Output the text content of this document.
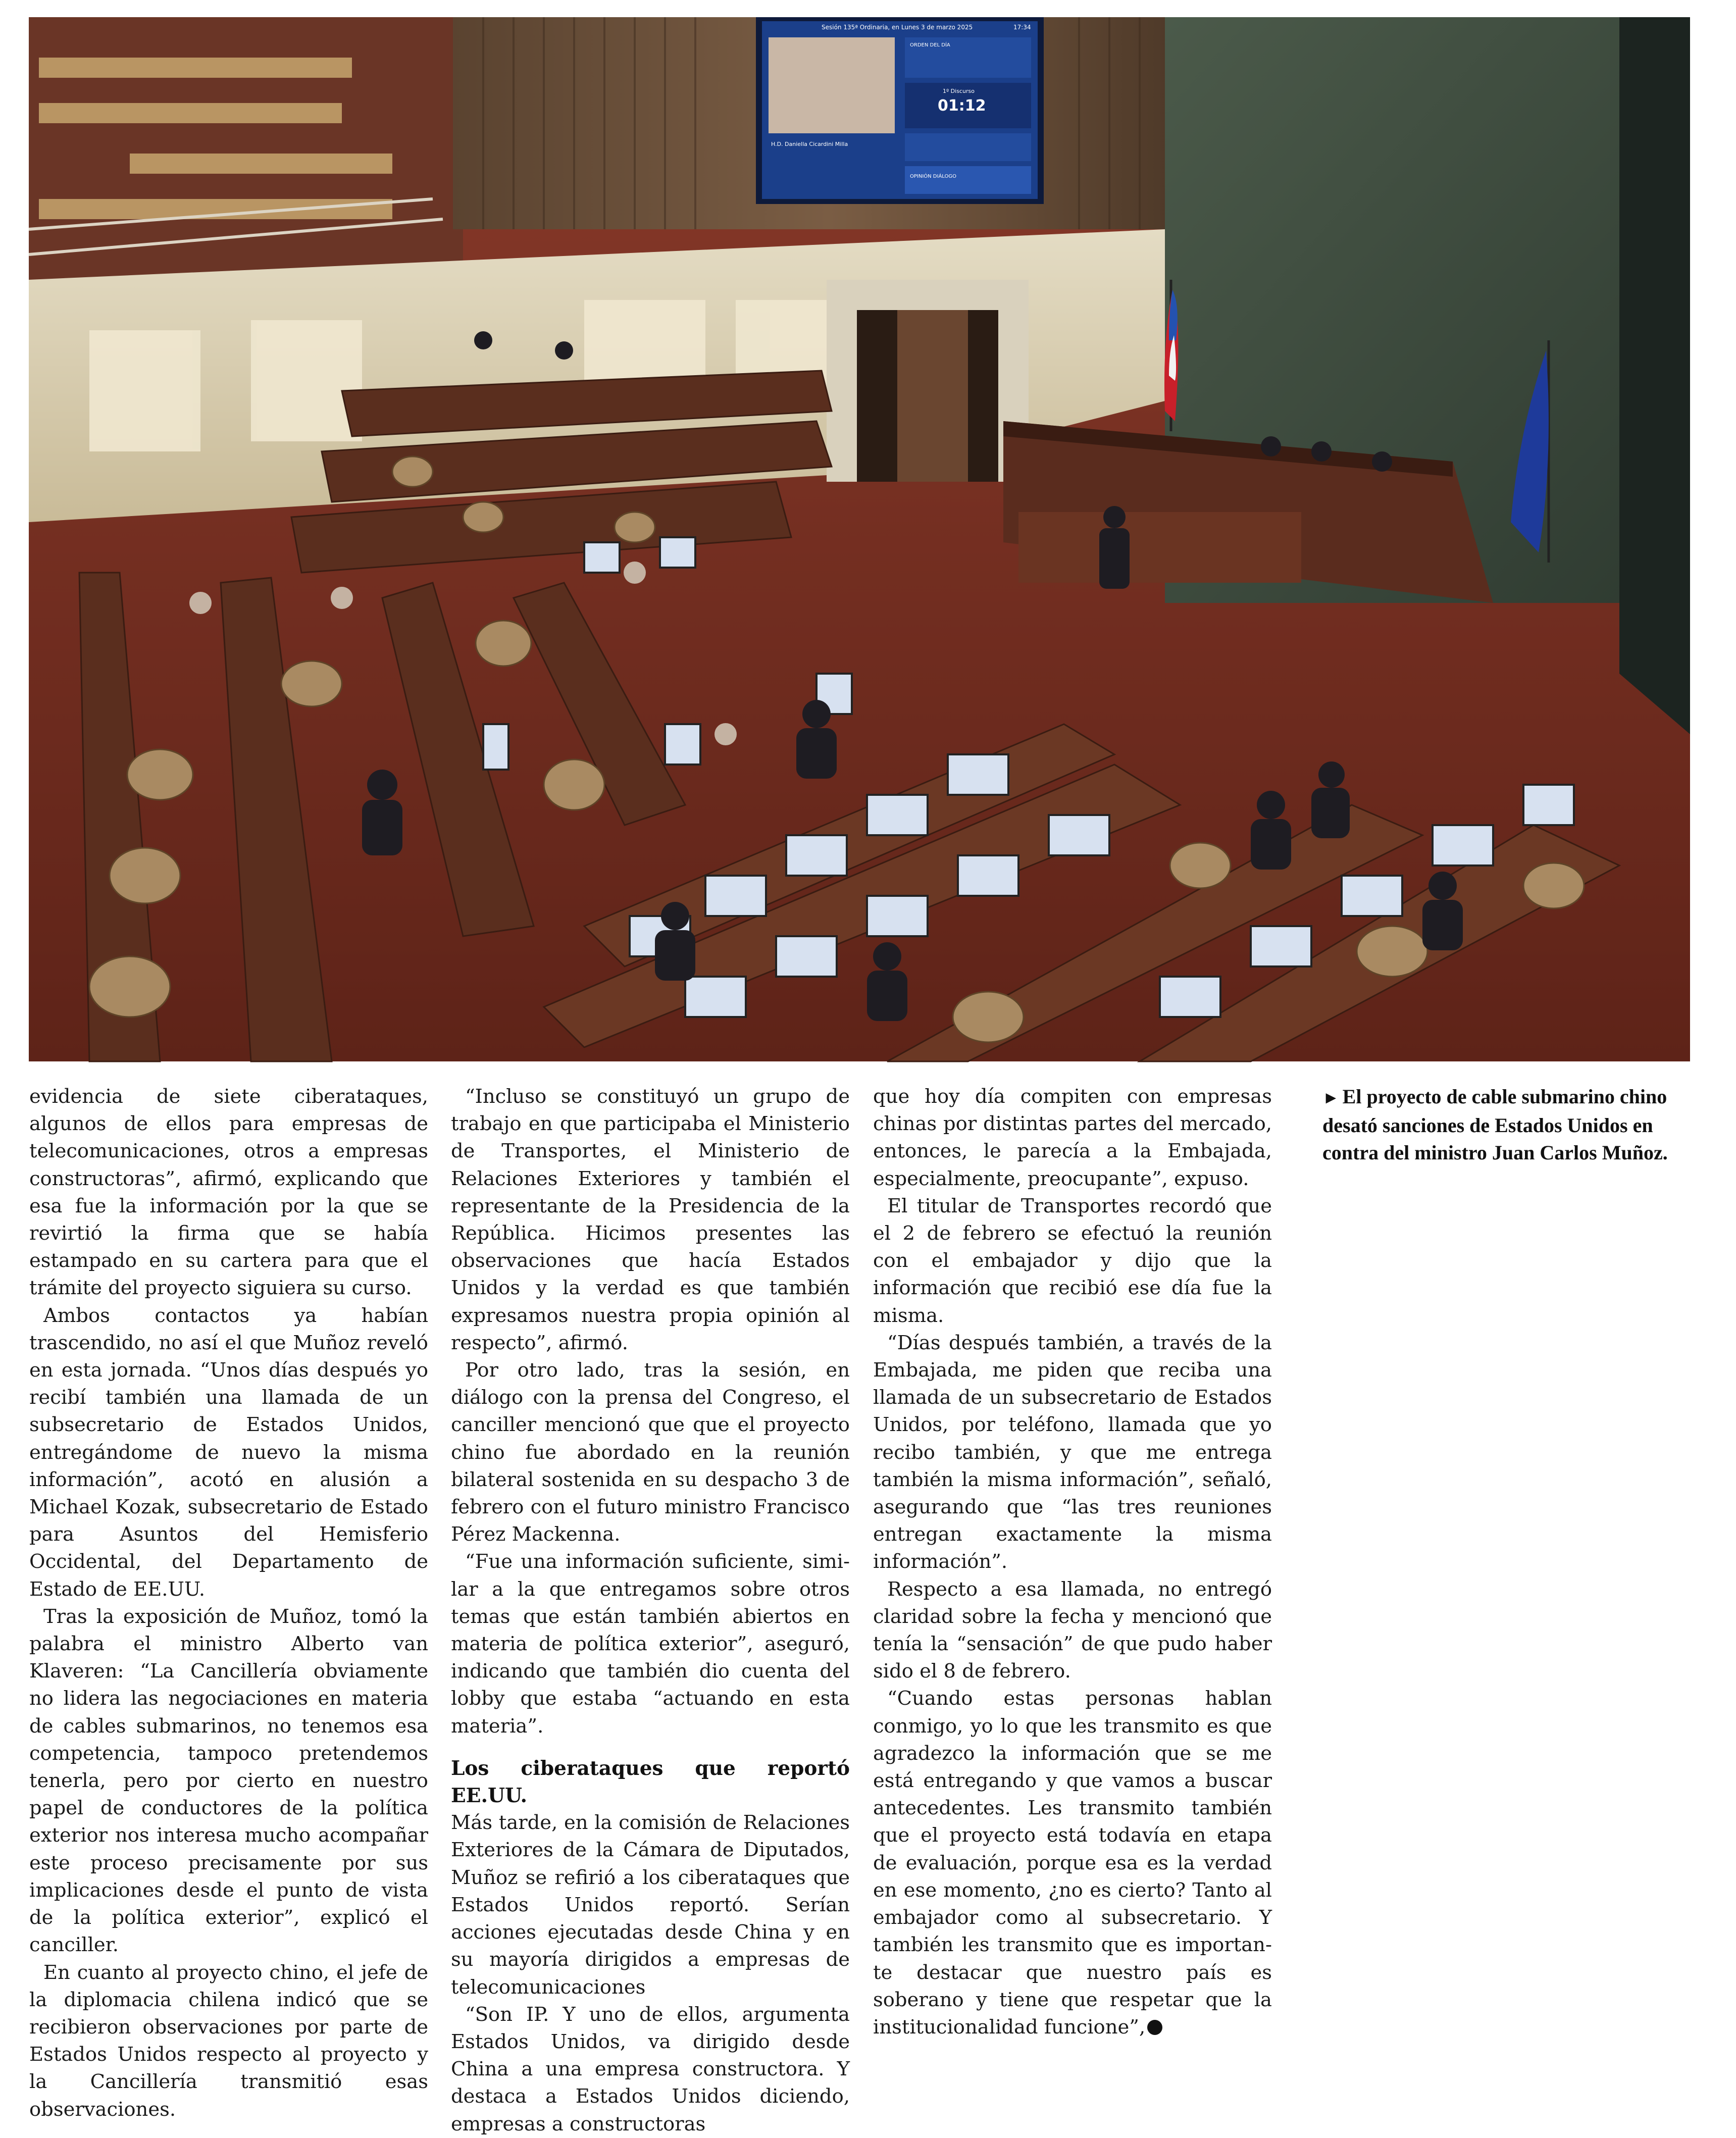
Sesión 135ª Ordinaria, en Lunes 3 de marzo 2025	17:34
ORDEN DEL DÍA
1º Discurso
01:12
H.D. Daniella Cicardini Milla
OPINIÓN DIÁLOGO

evidencia de siete ciberataques, algunos de ellos para empresas de telecomunicaciones, otros a empresas constructoras”, afirmó, explicando que esa fue la información por la que se revirtió la firma que se había estampado en su cartera para que el trámite del proyecto siguiera su curso.

Ambos contactos ya habían trascendido, no así el que Muñoz reveló en esta jornada. “Unos días después yo recibí también una llamada de un subsecretario de Estados Unidos, entregándome de nuevo la misma información”, acotó en alusión a Michael Kozak, subsecretario de Estado para Asuntos del Hemisferio Occidental, del Departamento de Estado de EE.UU.

Tras la exposición de Muñoz, tomó la palabra el ministro Alberto van Klaveren: “La Cancillería obviamente no lidera las negociaciones en materia de cables submarinos, no tenemos esa competencia, tampoco pretendemos tenerla, pero por cierto en nuestro papel de conductores de la política exterior nos interesa mucho acompañar este proceso precisamente por sus implicaciones desde el punto de vista de la política exterior”, explicó el canciller.

En cuanto al proyecto chino, el jefe de la diplomacia chilena indicó que se recibieron observaciones por parte de Estados Unidos respecto al proyecto y la Cancillería transmitió esas observaciones.

“Incluso se constituyó un grupo de trabajo en que participaba el Ministerio de Transportes, el Ministerio de Relaciones Exteriores y también el representante de la Presidencia de la República. Hicimos presentes las observaciones que hacía Estados Unidos y la verdad es que también expresamos nuestra propia opinión al respecto”, afirmó.

Por otro lado, tras la sesión, en diálogo con la prensa del Congreso, el canciller mencionó que que el proyecto chino fue abordado en la reunión bilateral sostenida en su despacho 3 de febrero con el futuro ministro Francisco Pérez Mackenna.

“Fue una información suficiente, similar a la que entregamos sobre otros temas que están también abiertos en materia de política exterior”, aseguró, indicando que también dio cuenta del lobby que estaba “actuando en esta materia”.

Los ciberataques que reportó EE.UU.

Más tarde, en la comisión de Relaciones Exteriores de la Cámara de Diputados, Muñoz se refirió a los ciberataques que Estados Unidos reportó. Serían acciones ejecutadas desde China y en su mayoría dirigidos a empresas de telecomunicaciones

“Son IP. Y uno de ellos, argumenta Estados Unidos, va dirigido desde China a una empresa constructora. Y destaca a Estados Unidos diciendo, empresas a constructoras

que hoy día compiten con empresas chinas por distintas partes del mercado, entonces, le parecía a la Embajada, especialmente, preocupante”, expuso.

El titular de Transportes recordó que el 2 de febrero se efectuó la reunión con el embajador y dijo que la información que recibió ese día fue la misma.

“Días después también, a través de la Embajada, me piden que reciba una llamada de un subsecretario de Estados Unidos, por teléfono, llamada que yo recibo también, y que me entrega también la misma información”, señaló, asegurando que “las tres reuniones entregan exactamente la misma información”.

Respecto a esa llamada, no entregó claridad sobre la fecha y mencionó que tenía la “sensación” de que pudo haber sido el 8 de febrero.

“Cuando estas personas hablan conmigo, yo lo que les transmito es que agradezco la información que se me está entregando y que vamos a buscar antecedentes. Les transmito también que el proyecto está todavía en etapa de evaluación, porque esa es la verdad en ese momento, ¿no es cierto? Tanto al embajador como al subsecretario. Y también les transmito que es importante destacar que nuestro país es soberano y tiene que respetar que la institucionalidad funcione”,

► El proyecto de cable submarino chino desató sanciones de Estados Unidos en contra del ministro Juan Carlos Muñoz.
